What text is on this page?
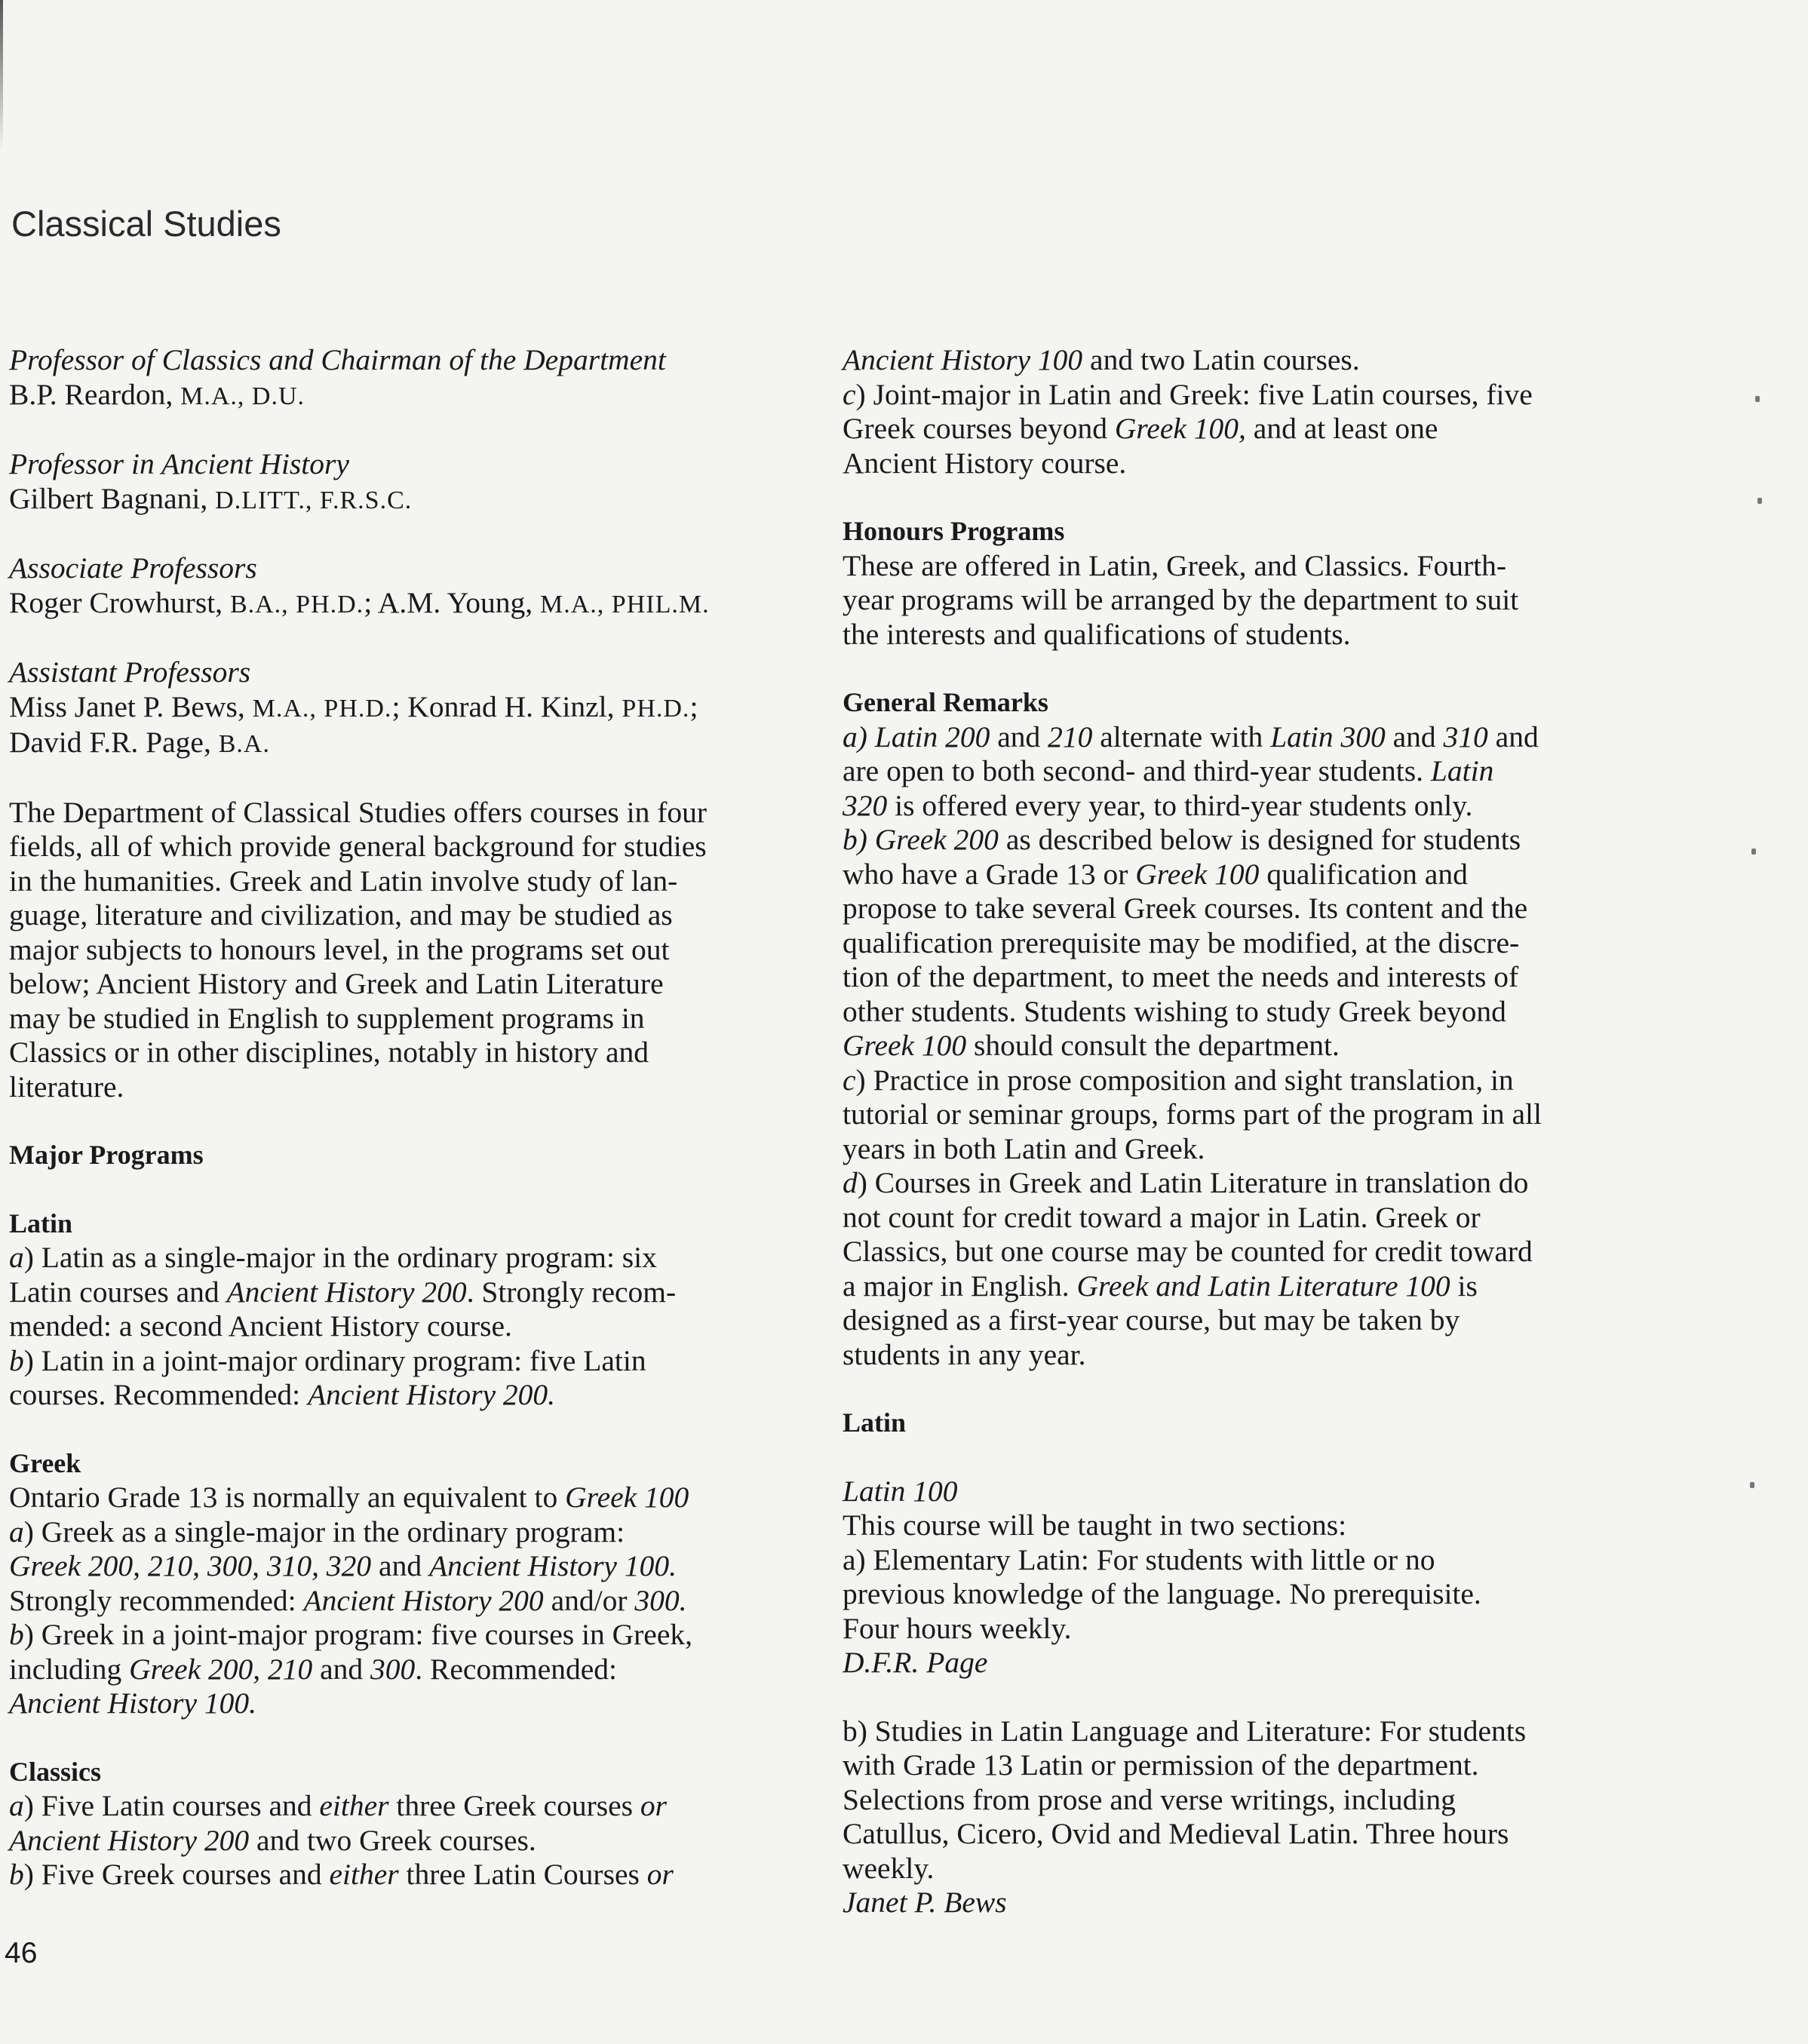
Classical Studies

Professor of Classics and Chairman of the Department

B.P. Reardon, M.A., D.U.

Professor in Ancient History

Gilbert Bagnani, D.LITT., F.R.S.C.

Associate Professors

Roger Crowhurst, B.A., PH.D.; A.M. Young, M.A., PHIL.M.

Assistant Professors

Miss Janet P. Bews, M.A., PH.D.; Konrad H. Kinzl, PH.D.;

David F.R. Page, B.A.

The Department of Classical Studies offers courses in four

fields, all of which provide general background for studies

in the humanities. Greek and Latin involve study of lan-

guage, literature and civilization, and may be studied as

major subjects to honours level, in the programs set out

below; Ancient History and Greek and Latin Literature

may be studied in English to supplement programs in

Classics or in other disciplines, notably in history and

literature.

Major Programs

Latin

a) Latin as a single-major in the ordinary program: six

Latin courses and Ancient History 200. Strongly recom-

mended: a second Ancient History course.

b) Latin in a joint-major ordinary program: five Latin

courses. Recommended: Ancient History 200.

Greek

Ontario Grade 13 is normally an equivalent to Greek 100

a) Greek as a single-major in the ordinary program:

Greek 200, 210, 300, 310, 320 and Ancient History 100.

Strongly recommended: Ancient History 200 and/or 300.

b) Greek in a joint-major program: five courses in Greek,

including Greek 200, 210 and 300. Recommended:

Ancient History 100.

Classics

a) Five Latin courses and either three Greek courses or

Ancient History 200 and two Greek courses.

b) Five Greek courses and either three Latin Courses or

Ancient History 100 and two Latin courses.

c) Joint-major in Latin and Greek: five Latin courses, five

Greek courses beyond Greek 100, and at least one

Ancient History course.

Honours Programs

These are offered in Latin, Greek, and Classics. Fourth-

year programs will be arranged by the department to suit

the interests and qualifications of students.

General Remarks

a) Latin 200 and 210 alternate with Latin 300 and 310 and

are open to both second- and third-year students. Latin

320 is offered every year, to third-year students only.

b) Greek 200 as described below is designed for students

who have a Grade 13 or Greek 100 qualification and

propose to take several Greek courses. Its content and the

qualification prerequisite may be modified, at the discre-

tion of the department, to meet the needs and interests of

other students. Students wishing to study Greek beyond

Greek 100 should consult the department.

c) Practice in prose composition and sight translation, in

tutorial or seminar groups, forms part of the program in all

years in both Latin and Greek.

d) Courses in Greek and Latin Literature in translation do

not count for credit toward a major in Latin. Greek or

Classics, but one course may be counted for credit toward

a major in English. Greek and Latin Literature 100 is

designed as a first-year course, but may be taken by

students in any year.

Latin

Latin 100

This course will be taught in two sections:

a) Elementary Latin: For students with little or no

previous knowledge of the language. No prerequisite.

Four hours weekly.

D.F.R. Page

b) Studies in Latin Language and Literature: For students

with Grade 13 Latin or permission of the department.

Selections from prose and verse writings, including

Catullus, Cicero, Ovid and Medieval Latin. Three hours

weekly.

Janet P. Bews

46
